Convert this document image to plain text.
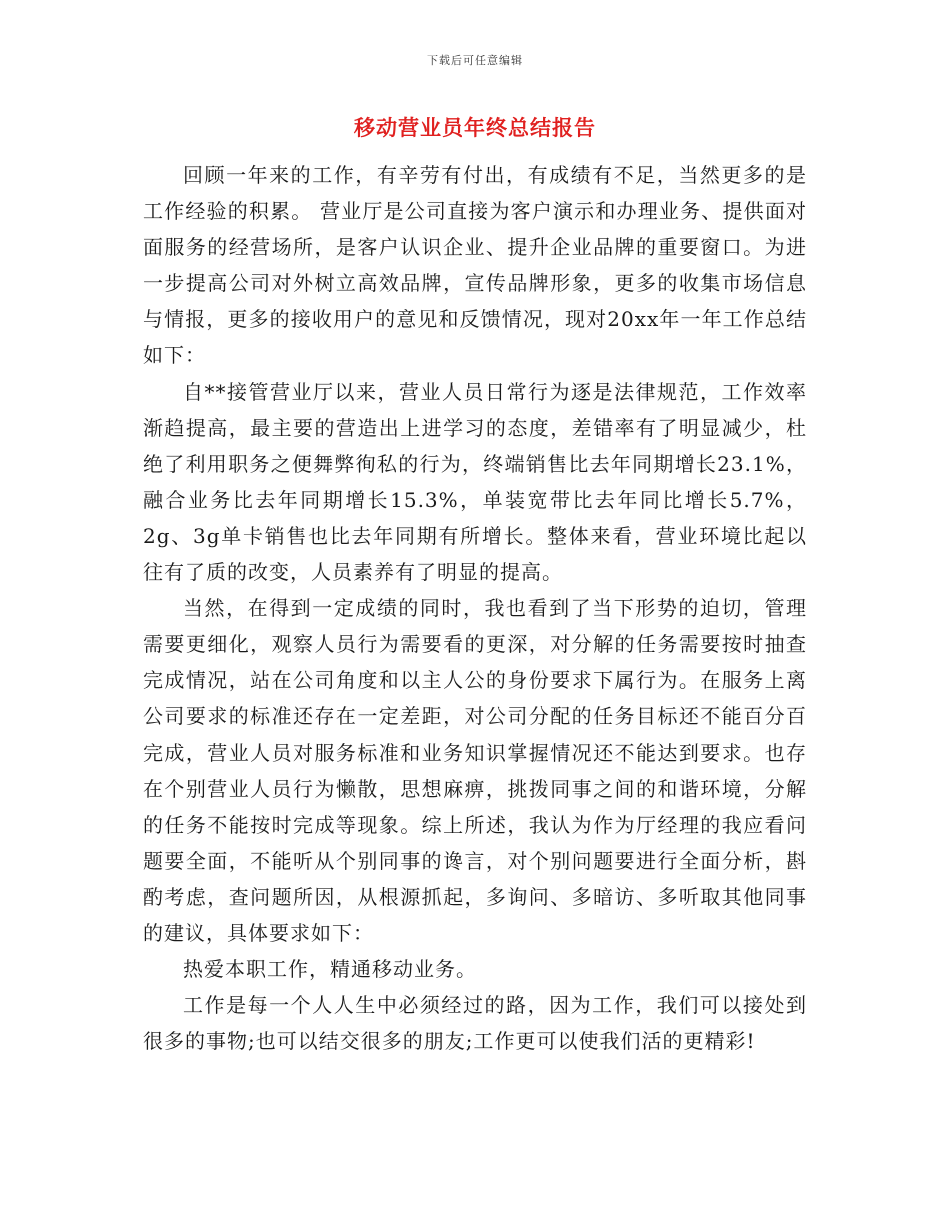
下载后可任意编辑
移动营业员年终总结报告

回顾一年来的工作，有辛劳有付出，有成绩有不足，当然更多的是工作经验的积累。 营业厅是公司直接为客户演示和办理业务、提供面对面服务的经营场所，是客户认识企业、提升企业品牌的重要窗口。为进一步提高公司对外树立高效品牌，宣传品牌形象，更多的收集市场信息与情报，更多的接收用户的意见和反馈情况，现对20xx年一年工作总结如下：

自**接管营业厅以来，营业人员日常行为逐是法律规范，工作效率渐趋提高，最主要的营造出上进学习的态度，差错率有了明显减少，杜绝了利用职务之便舞弊徇私的行为，终端销售比去年同期增长23.1%，融合业务比去年同期增长15.3%，单装宽带比去年同比增长5.7%，2g、3g单卡销售也比去年同期有所增长。整体来看，营业环境比起以往有了质的改变，人员素养有了明显的提高。

当然，在得到一定成绩的同时，我也看到了当下形势的迫切，管理需要更细化，观察人员行为需要看的更深，对分解的任务需要按时抽查完成情况，站在公司角度和以主人公的身份要求下属行为。在服务上离公司要求的标准还存在一定差距，对公司分配的任务目标还不能百分百完成，营业人员对服务标准和业务知识掌握情况还不能达到要求。也存在个别营业人员行为懒散，思想麻痹，挑拨同事之间的和谐环境，分解的任务不能按时完成等现象。综上所述，我认为作为厅经理的我应看问题要全面，不能听从个别同事的谗言，对个别问题要进行全面分析，斟酌考虑，查问题所因，从根源抓起，多询问、多暗访、多听取其他同事的建议，具体要求如下：

热爱本职工作，精通移动业务。

工作是每一个人人生中必须经过的路，因为工作，我们可以接处到很多的事物;也可以结交很多的朋友;工作更可以使我们活的更精彩!
